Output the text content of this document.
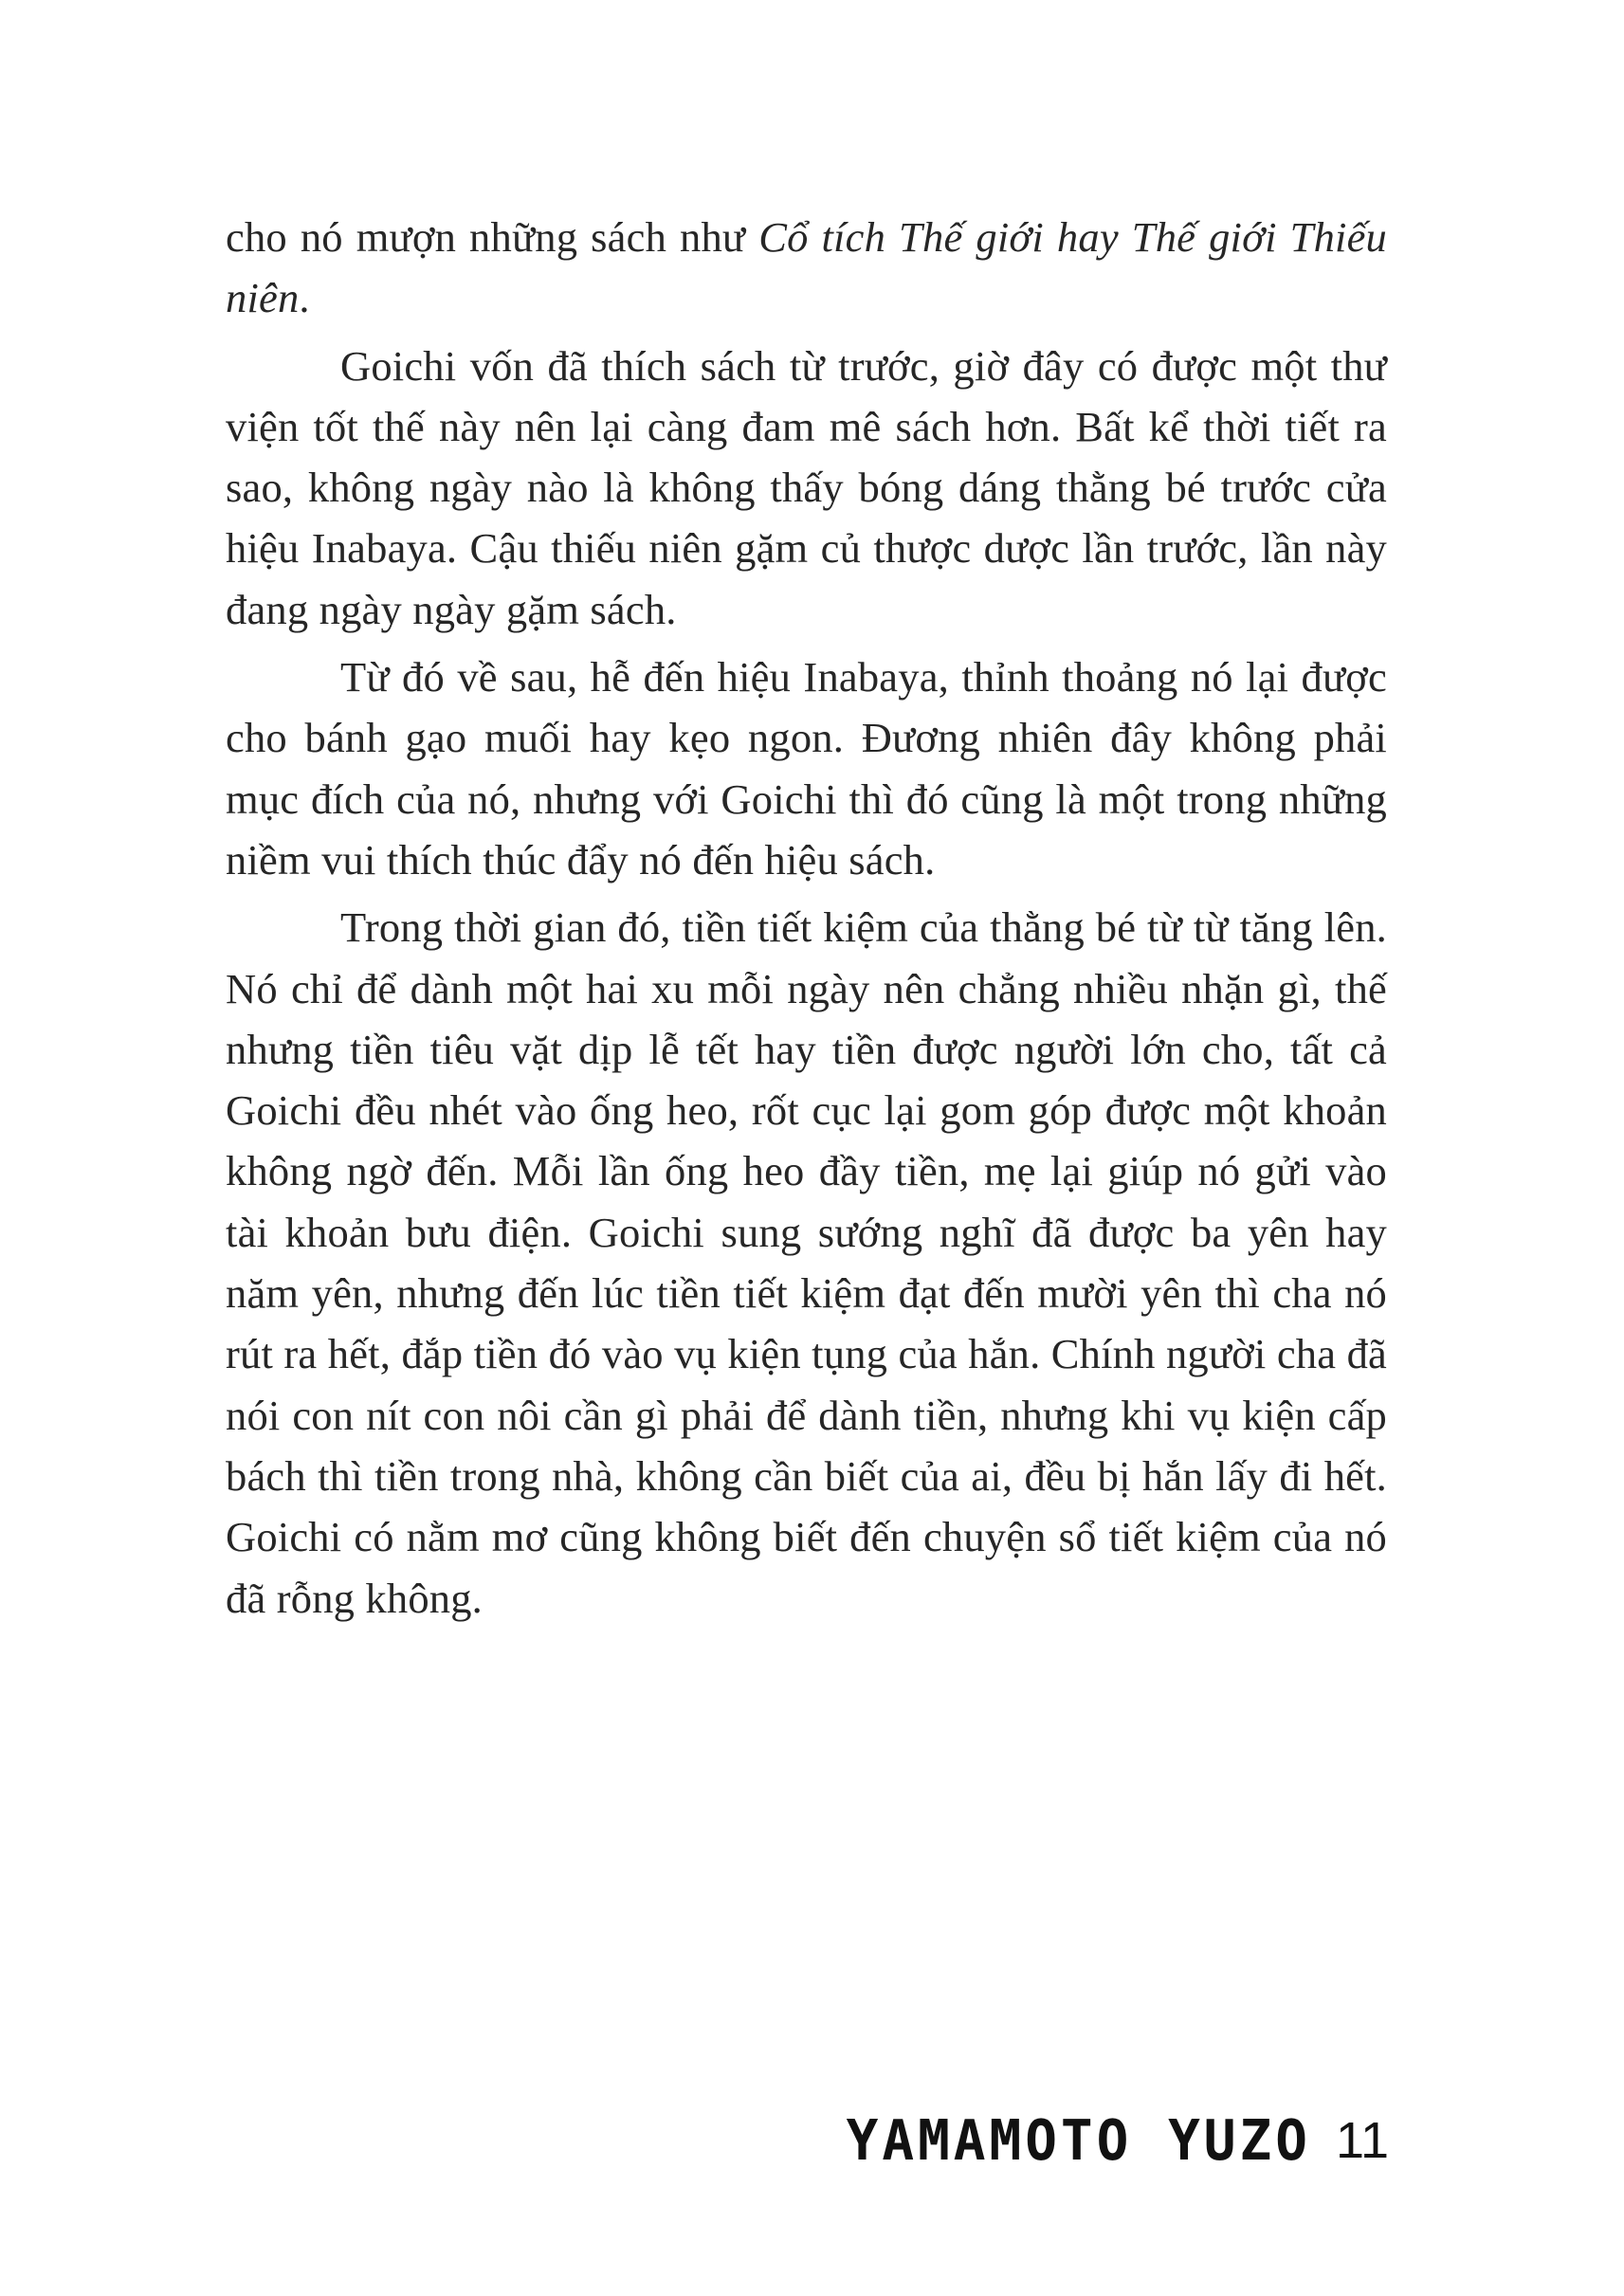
cho nó mượn những sách như Cổ tích Thế giới hay Thế giới Thiếu niên.

Goichi vốn đã thích sách từ trước, giờ đây có được một thư viện tốt thế này nên lại càng đam mê sách hơn. Bất kể thời tiết ra sao, không ngày nào là không thấy bóng dáng thằng bé trước cửa hiệu Inabaya. Cậu thiếu niên gặm củ thược dược lần trước, lần này đang ngày ngày gặm sách.

Từ đó về sau, hễ đến hiệu Inabaya, thỉnh thoảng nó lại được cho bánh gạo muối hay kẹo ngon. Đương nhiên đây không phải mục đích của nó, nhưng với Goichi thì đó cũng là một trong những niềm vui thích thúc đẩy nó đến hiệu sách.

Trong thời gian đó, tiền tiết kiệm của thằng bé từ từ tăng lên. Nó chỉ để dành một hai xu mỗi ngày nên chẳng nhiều nhặn gì, thế nhưng tiền tiêu vặt dịp lễ tết hay tiền được người lớn cho, tất cả Goichi đều nhét vào ống heo, rốt cục lại gom góp được một khoản không ngờ đến. Mỗi lần ống heo đầy tiền, mẹ lại giúp nó gửi vào tài khoản bưu điện. Goichi sung sướng nghĩ đã được ba yên hay năm yên, nhưng đến lúc tiền tiết kiệm đạt đến mười yên thì cha nó rút ra hết, đắp tiền đó vào vụ kiện tụng của hắn. Chính người cha đã nói con nít con nôi cần gì phải để dành tiền, nhưng khi vụ kiện cấp bách thì tiền trong nhà, không cần biết của ai, đều bị hắn lấy đi hết. Goichi có nằm mơ cũng không biết đến chuyện sổ tiết kiệm của nó đã rỗng không.

YAMAMOTO YUZO 11
